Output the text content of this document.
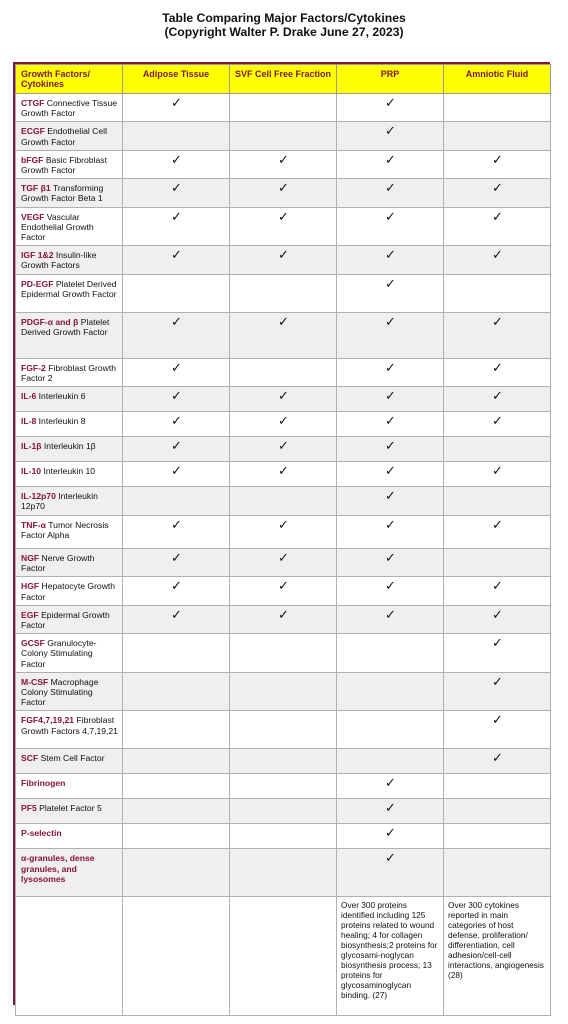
Table Comparing Major Factors/Cytokines
(Copyright Walter P. Drake June 27, 2023)
Growth Factors/ Cytokines	Adipose Tissue	SVF Cell Free Fraction	PRP	Amniotic Fluid
CTGF Connective Tissue Growth Factor	✓		✓	
ECGF Endothelial Cell Growth Factor			✓	
bFGF Basic Fibroblast Growth Factor	✓	✓	✓	✓
TGF β1 Transforming Growth Factor Beta 1	✓	✓	✓	✓
VEGF Vascular Endothelial Growth Factor	✓	✓	✓	✓
IGF 1&2 Insulin-like Growth Factors	✓	✓	✓	✓
PD-EGF Platelet Derived Epidermal Growth Factor			✓	
PDGF-α and β Platelet Derived Growth Factor	✓	✓	✓	✓
FGF-2 Fibroblast Growth Factor 2	✓		✓	✓
IL-6 Interleukin 6	✓	✓	✓	✓
IL-8 Interleukin 8	✓	✓	✓	✓
IL-1β Interleukin 1β	✓	✓	✓	
IL-10 Interleukin 10	✓	✓	✓	✓
IL-12p70 Interleukin 12p70			✓	
TNF-α Tumor Necrosis Factor Alpha	✓	✓	✓	✓
NGF Nerve Growth Factor	✓	✓	✓	
HGF Hepatocyte Growth Factor	✓	✓	✓	✓
EGF Epidermal Growth Factor	✓	✓	✓	✓
GCSF Granulocyte-Colony Stimulating Factor				✓
M-CSF Macrophage Colony Stimulating Factor				✓
FGF4,7,19,21 Fibroblast Growth Factors 4,7,19,21				✓
SCF Stem Cell Factor				✓
Fibrinogen			✓	
PF5 Platelet Factor 5			✓	
P-selectin			✓	
α-granules, dense granules, and lysosomes			✓	
			Over 300 proteins identified including 125 proteins related to wound healing; 4 for collagen biosynthesis;2 proteins for glycosami-noglycan biosynthesis process; 13 proteins for glycosaminoglycan binding. (27)	Over 300 cytokines reported in main categories of host defense, proliferation/ differentiation, cell adhesion/cell-cell interactions, angiogenesis (28)
